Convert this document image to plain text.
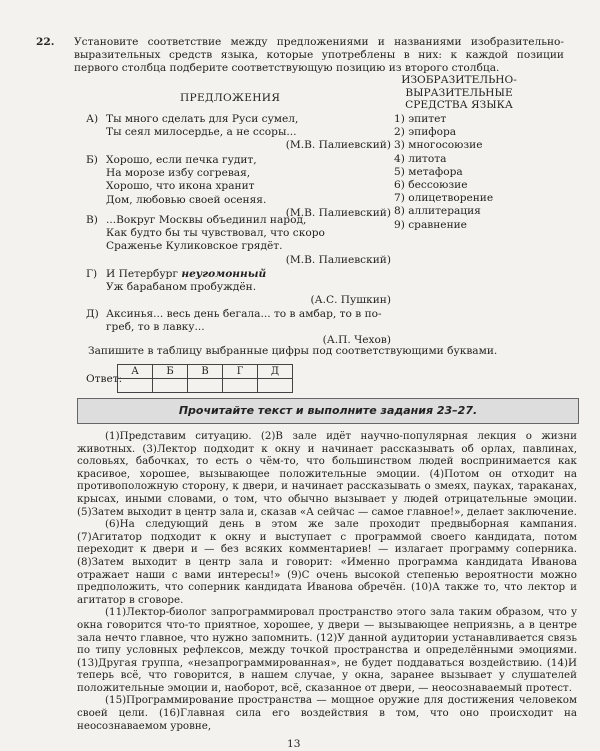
22. Установите соответствие между предложениями и названиями изобразительно-выразительных средств языка, которые употреблены в них: к каждой позиции первого столбца подберите соответствующую позицию из второго столбца.
ПРЕДЛОЖЕНИЯ
ИЗОБРАЗИТЕЛЬНО-
ВЫРАЗИТЕЛЬНЫЕ
СРЕДСТВА ЯЗЫКА
А) Ты много сделать для Руси сумел,
Ты сеял милосердье, а не ссоры...
(М.В. Палиевский)
Б) Хорошо, если печка гудит,
На морозе избу согревая,
Хорошо, что икона хранит
Дом, любовью своей осеняя.
(М.В. Палиевский)
В) ...Вокруг Москвы объединил народ,
Как будто бы ты чувствовал, что скоро
Сраженье Куликовское грядёт.
(М.В. Палиевский)
Г) И Петербург неугомонный
Уж барабаном пробуждён.
(А.С. Пушкин)
Д) Аксинья... весь день бегала... то в амбар, то в по-
греб, то в лавку...
(А.П. Чехов)
1) эпитет
2) эпифора
3) многосоюзие
4) литота
5) метафора
6) бессоюзие
7) олицетворение
8) аллитерация
9) сравнение
Запишите в таблицу выбранные цифры под соответствующими буквами.
Ответ:
А	Б	В	Г	Д

Прочитайте текст и выполните задания 23–27.

(1)Представим ситуацию. (2)В зале идёт научно-популярная лекция о жизни животных. (3)Лектор подходит к окну и начинает рассказывать об орлах, павлинах, соловьях, бабочках, то есть о чём-то, что большинством людей воспринимается как красивое, хорошее, вызывающее положительные эмоции. (4)Потом он отходит на противоположную сторону, к двери, и начинает рассказывать о змеях, пауках, тараканах, крысах, иными словами, о том, что обычно вызывает у людей отрицательные эмоции. (5)Затем выходит в центр зала и, сказав «А сейчас — самое главное!», делает заключение.

(6)На следующий день в этом же зале проходит предвыборная кампания. (7)Агитатор подходит к окну и выступает с программой своего кандидата, потом переходит к двери и — без всяких комментариев! — излагает программу соперника. (8)Затем выходит в центр зала и говорит: «Именно программа кандидата Иванова отражает наши с вами интересы!» (9)С очень высокой степенью вероятности можно предположить, что соперник кандидата Иванова обречён. (10)А также то, что лектор и агитатор в сговоре.

(11)Лектор-биолог запрограммировал пространство этого зала таким образом, что у окна говорится что-то приятное, хорошее, у двери — вызывающее неприязнь, а в центре зала нечто главное, что нужно запомнить. (12)У данной аудитории устанавливается связь по типу условных рефлексов, между точкой пространства и определёнными эмоциями. (13)Другая группа, «незапрограммированная», не будет поддаваться воздействию. (14)И теперь всё, что говорится, в нашем случае, у окна, заранее вызывает у слушателей положительные эмоции и, наоборот, всё, сказанное от двери, — неосознаваемый протест.

(15)Программирование пространства — мощное оружие для достижения человеком своей цели. (16)Главная сила его воздействия в том, что оно происходит на неосознаваемом уровне,

13
